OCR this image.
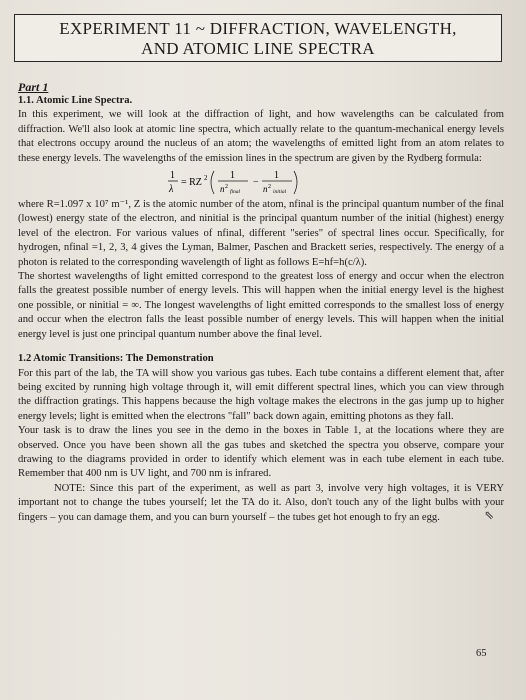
EXPERIMENT 11 ~ DIFFRACTION, WAVELENGTH,
AND ATOMIC LINE SPECTRA
Part 1
1.1. Atomic Line Spectra.

In this experiment, we will look at the diffraction of light, and how wavelengths can be calculated from diffraction. We'll also look at atomic line spectra, which actually relate to the quantum-mechanical energy levels that electrons occupy around the nucleus of an atom; the wavelengths of emitted light from an atom relates to these energy levels. The wavelengths of the emission lines in the spectrum are given by the Rydberg formula:

1
λ
= RZ 2 1
n 2
final
−
1
n 2
initial

where R=1.097 x 10⁷ m⁻¹, Z is the atomic number of the atom, nfinal is the principal quantum number of the final (lowest) energy state of the electron, and ninitial is the principal quantum number of the initial (highest) energy level of the electron. For various values of nfinal, different "series" of spectral lines occur. Specifically, for hydrogen, nfinal =1, 2, 3, 4 gives the Lyman, Balmer, Paschen and Brackett series, respectively. The energy of a photon is related to the corresponding wavelength of light as follows E=hf=h(c/λ).

The shortest wavelengths of light emitted correspond to the greatest loss of energy and occur when the electron falls the greatest possible number of energy levels. This will happen when the initial energy level is the highest one possible, or ninitial = ∞. The longest wavelengths of light emitted corresponds to the smallest loss of energy and occur when the electron falls the least possible number of energy levels. This will happen when the initial energy level is just one principal quantum number above the final level.

1.2 Atomic Transitions: The Demonstration

For this part of the lab, the TA will show you various gas tubes. Each tube contains a different element that, after being excited by running high voltage through it, will emit different spectral lines, which you can view through the diffraction gratings. This happens because the high voltage makes the electrons in the gas jump up to higher energy levels; light is emitted when the electrons "fall" back down again, emitting photons as they fall.

Your task is to draw the lines you see in the demo in the boxes in Table 1, at the locations where they are observed. Once you have been shown all the gas tubes and sketched the spectra you observe, compare your drawing to the diagrams provided in order to identify which element was in each tube element in each tube. Remember that 400 nm is UV light, and 700 nm is infrared.

NOTE: Since this part of the experiment, as well as part 3, involve very high voltages, it is VERY important not to change the tubes yourself; let the TA do it. Also, don't touch any of the light bulbs with your fingers – you can damage them, and you can burn yourself – the tubes get hot enough to fry an egg.

65
⇖
